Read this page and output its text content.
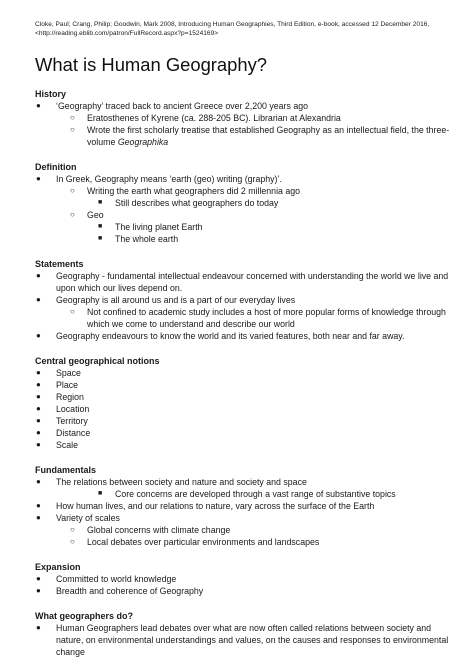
Cloke, Paul; Crang, Philip; Goodwin, Mark 2008, Introducing Human Geographies, Third Edition, e-book, accessed 12 December 2016, <http://reading.eblib.com/patron/FullRecord.aspx?p=1524169>
What is Human Geography?
History
● ‘Geography’ traced back to ancient Greece over 2,200 years ago
○ Eratosthenes of Kyrene (ca. 288-205 BC). Librarian at Alexandria
○ Wrote the first scholarly treatise that established Geography as an intellectual field, the three-volume Geographika
Definition
● In Greek, Geography means ‘earth (geo) writing (graphy)’.
○ Writing the earth what geographers did 2 millennia ago
■ Still describes what geographers do today
○ Geo
■ The living planet Earth
■ The whole earth
Statements
● Geography - fundamental intellectual endeavour concerned with understanding the world we live and upon which our lives depend on.
● Geography is all around us and is a part of our everyday lives
○ Not confined to academic study includes a host of more popular forms of knowledge through which we come to understand and describe our world
● Geography endeavours to know the world and its varied features, both near and far away.
Central geographical notions
● Space
● Place
● Region
● Location
● Territory
● Distance
● Scale
Fundamentals
● The relations between society and nature and society and space
■ Core concerns are developed through a vast range of substantive topics
● How human lives, and our relations to nature, vary across the surface of the Earth
● Variety of scales
○ Global concerns with climate change
○ Local debates over particular environments and landscapes
Expansion
● Committed to world knowledge
● Breadth and coherence of Geography
What geographers do?
● Human Geographers lead debates over what are now often called relations between society and nature, on environmental understandings and values, on the causes and responses to environmental change
